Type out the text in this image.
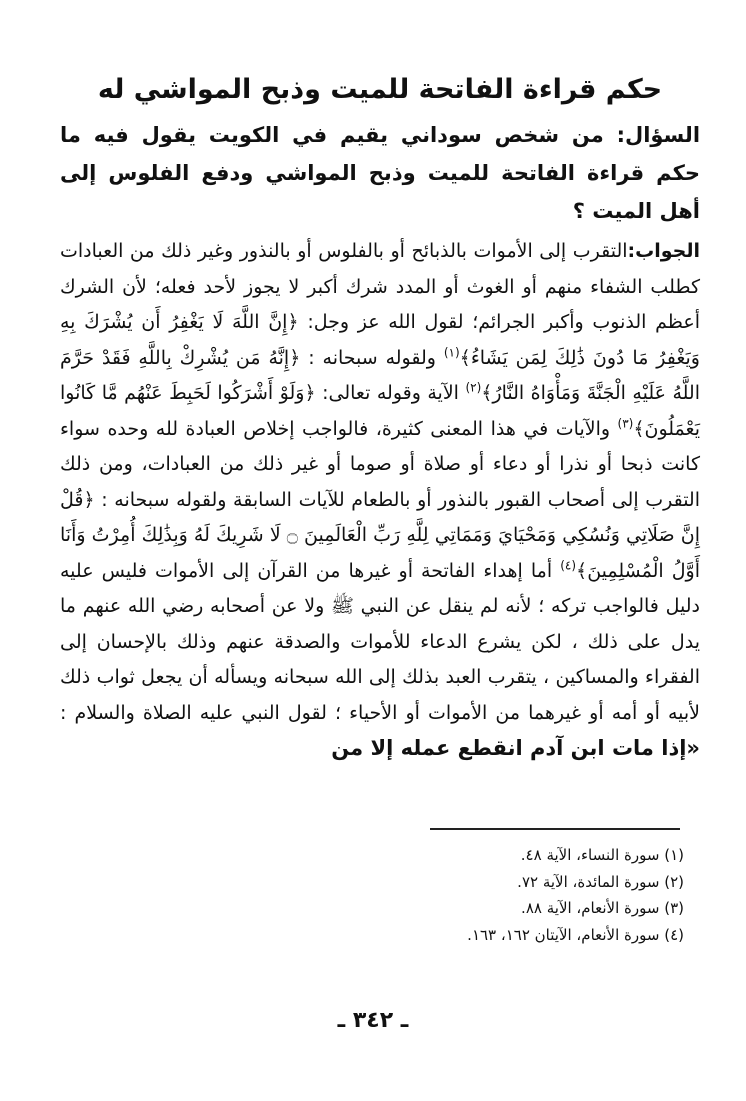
حكم قراءة الفاتحة للميت وذبح المواشي له

السؤال: من شخص سوداني يقيم في الكويت يقول فيه ما حكم قراءة الفاتحة للميت وذبح المواشي ودفع الفلوس إلى أهل الميت ؟

الجواب:التقرب إلى الأموات بالذبائح أو بالفلوس أو بالنذور وغير ذلك من العبادات كطلب الشفاء منهم أو الغوث أو المدد شرك أكبر لا يجوز لأحد فعله؛ لأن الشرك أعظم الذنوب وأكبر الجرائم؛ لقول الله عز وجل: ﴿إِنَّ اللَّهَ لَا يَغْفِرُ أَن يُشْرَكَ بِهِ وَيَغْفِرُ مَا دُونَ ذَٰلِكَ لِمَن يَشَاءُ﴾$^{(١)}$ ولقوله سبحانه : ﴿إِنَّهُ مَن يُشْرِكْ بِاللَّهِ فَقَدْ حَرَّمَ اللَّهُ عَلَيْهِ الْجَنَّةَ وَمَأْوَاهُ النَّارُ﴾$^{(٢)}$ الآية وقوله تعالى: ﴿وَلَوْ أَشْرَكُوا لَحَبِطَ عَنْهُم مَّا كَانُوا يَعْمَلُونَ﴾$^{(٣)}$ والآيات في هذا المعنى كثيرة، فالواجب إخلاص العبادة لله وحده سواء كانت ذبحا أو نذرا أو دعاء أو صلاة أو صوما أو غير ذلك من العبادات، ومن ذلك التقرب إلى أصحاب القبور بالنذور أو بالطعام للآيات السابقة ولقوله سبحانه : ﴿قُلْ إِنَّ صَلَاتِي وَنُسُكِي وَمَحْيَايَ وَمَمَاتِي لِلَّهِ رَبِّ الْعَالَمِينَ ۝ لَا شَرِيكَ لَهُ وَبِذَٰلِكَ أُمِرْتُ وَأَنَا أَوَّلُ الْمُسْلِمِينَ﴾$^{(٤)}$ أما إهداء الفاتحة أو غيرها من القرآن إلى الأموات فليس عليه دليل فالواجب تركه ؛ لأنه لم ينقل عن النبي ﷺ ولا عن أصحابه رضي الله عنهم ما يدل على ذلك ، لكن يشرع الدعاء للأموات والصدقة عنهم وذلك بالإحسان إلى الفقراء والمساكين ، يتقرب العبد بذلك إلى الله سبحانه ويسأله أن يجعل ثواب ذلك لأبيه أو أمه أو غيرهما من الأموات أو الأحياء ؛ لقول النبي عليه الصلاة والسلام : «إذا مات ابن آدم انقطع عمله إلا من

(١) سورة النساء، الآية ٤٨.

(٢) سورة المائدة، الآية ٧٢.

(٣) سورة الأنعام، الآية ٨٨.

(٤) سورة الأنعام، الآيتان ١٦٢، ١٦٣.

ـ ٣٤٢ ـ
